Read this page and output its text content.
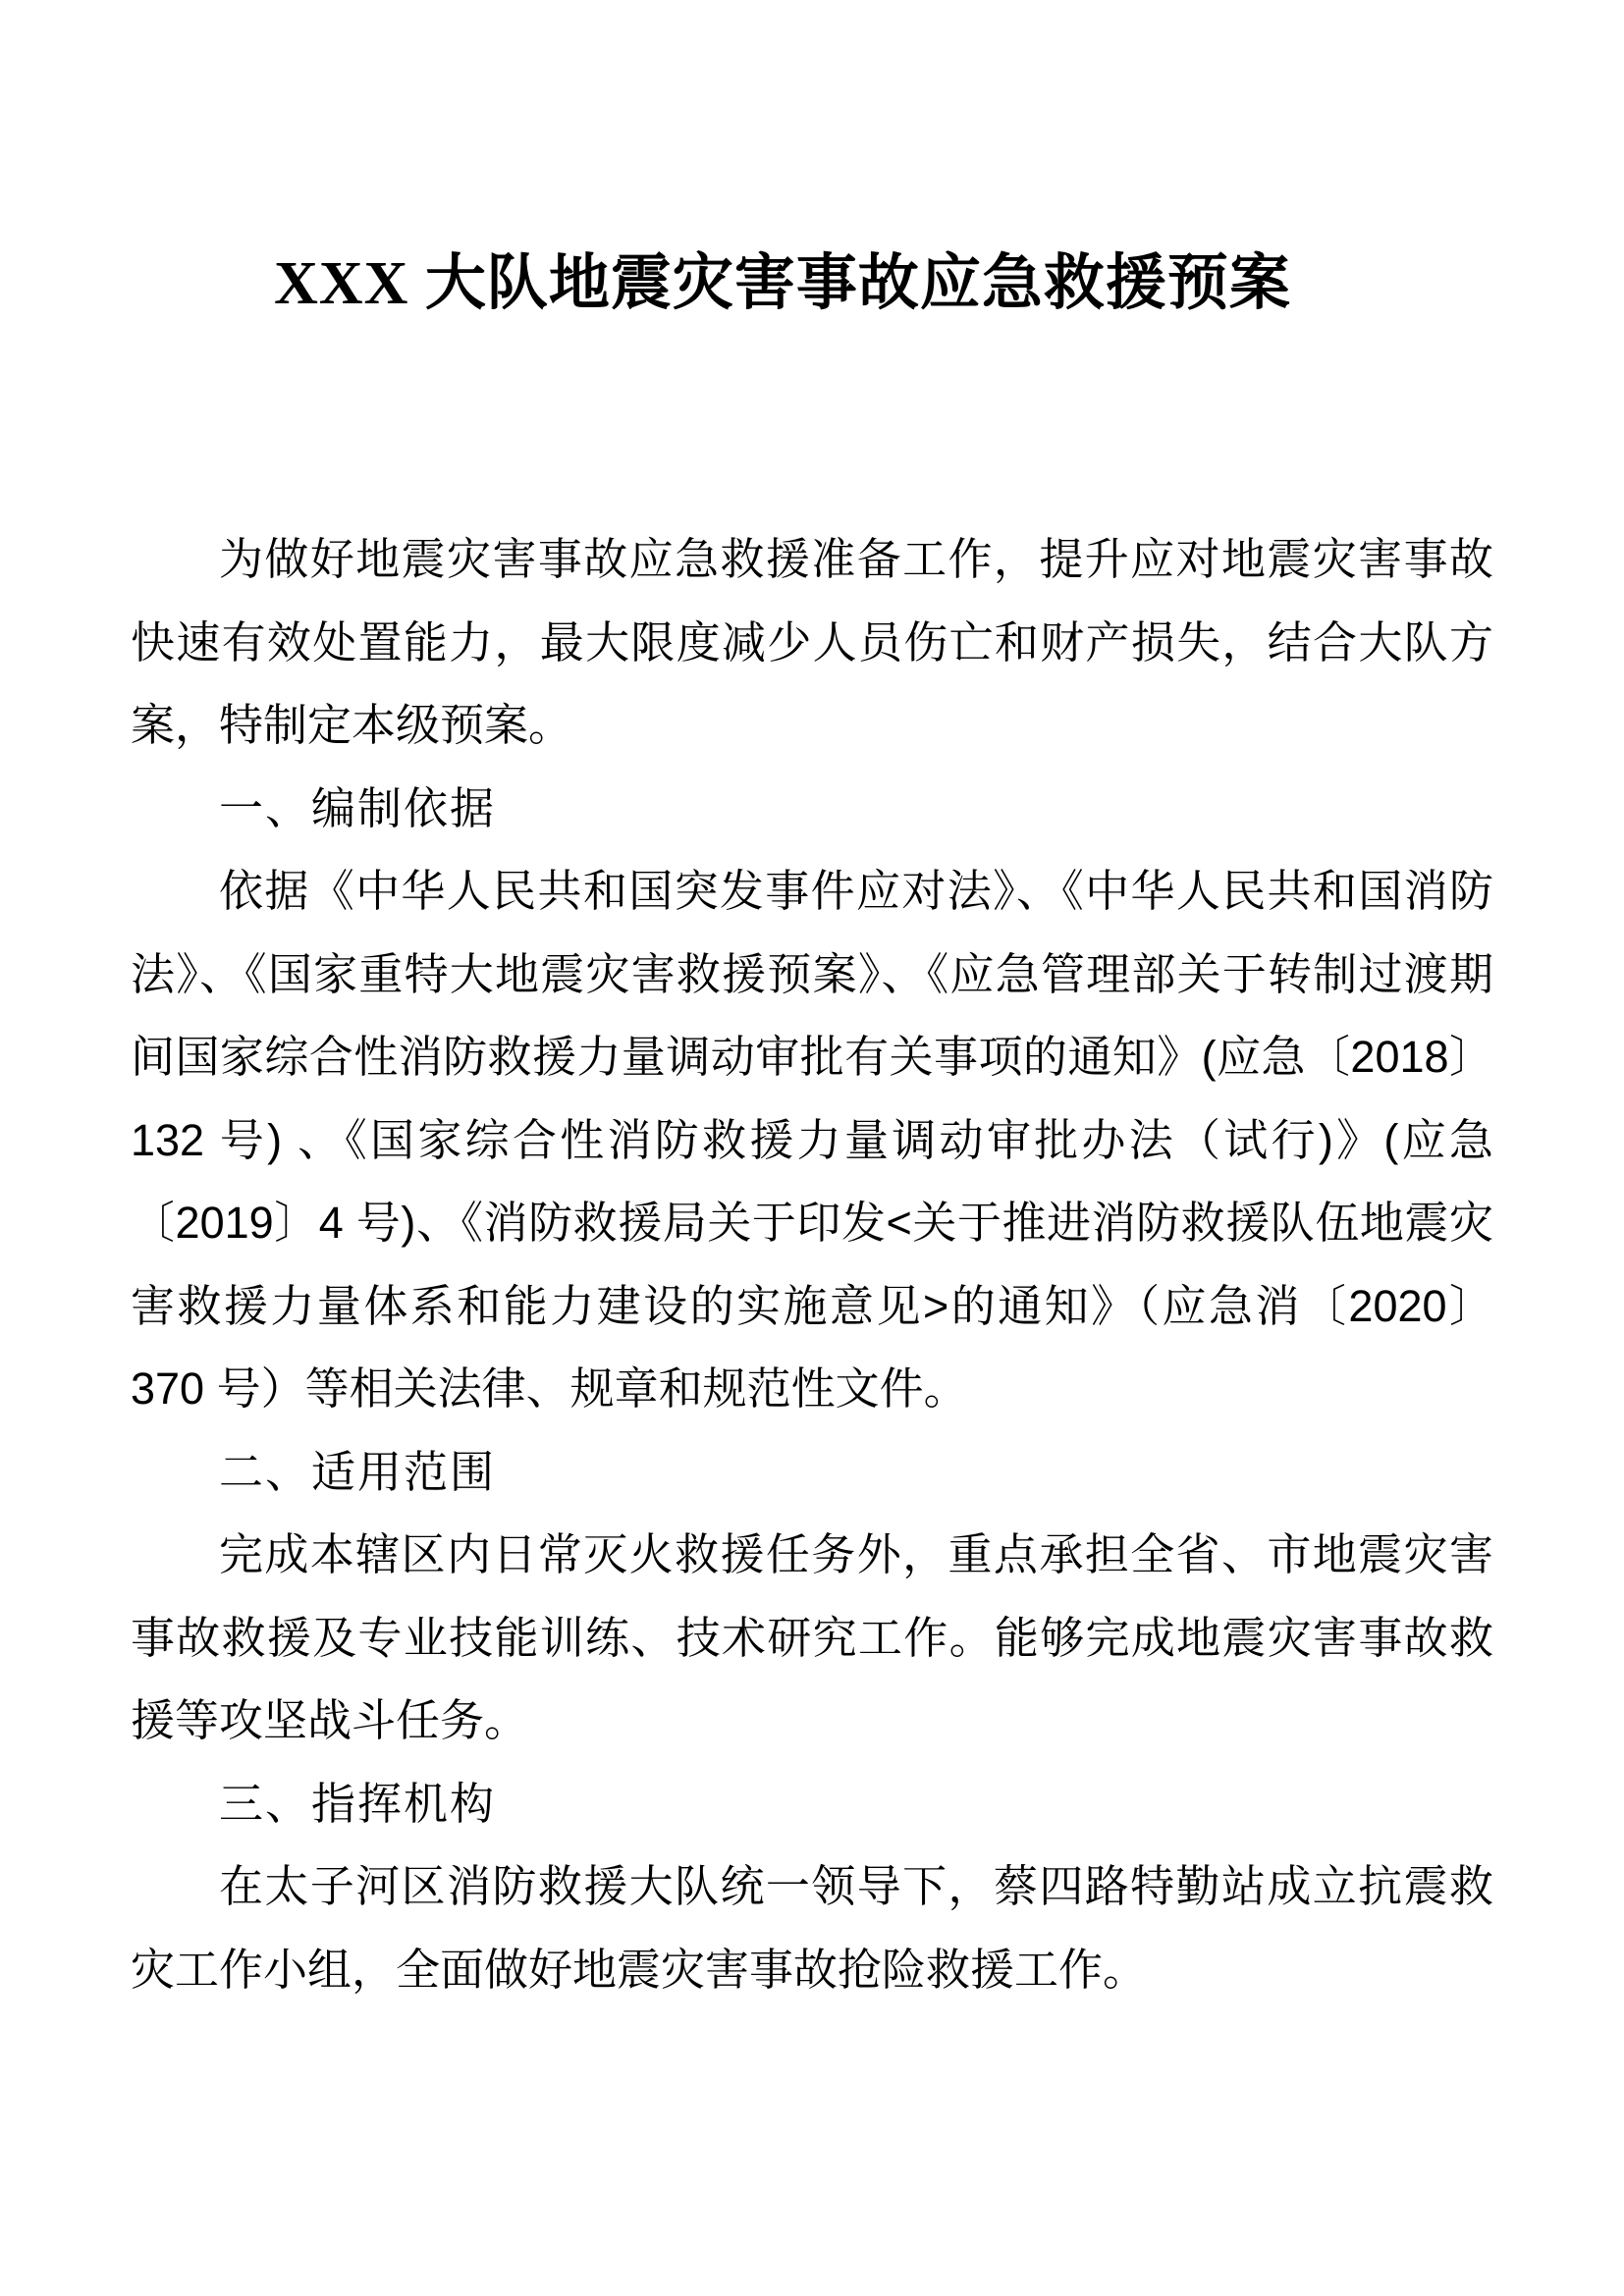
XXX 大队地震灾害事故应急救援预案

为做好地震灾害事故应急救援准备工作，提升应对地震灾害事故快速有效处置能力，最大限度减少人员伤亡和财产损失，结合大队方案，特制定本级预案。

一、编制依据

依据《中华人民共和国突发事件应对法》、《中华人民共和国消防法》、《国家重特大地震灾害救援预案》、《应急管理部关于转制过渡期间国家综合性消防救援力量调动审批有关事项的通知》(应急〔2018〕132 号) 、《国家综合性消防救援力量调动审批办法（试行)》(应急〔2019〕4 号)、《消防救援局关于印发<关于推进消防救援队伍地震灾害救援力量体系和能力建设的实施意见>的通知》（应急消〔2020〕370 号）等相关法律、规章和规范性文件。

二、适用范围

完成本辖区内日常灭火救援任务外，重点承担全省、市地震灾害事故救援及专业技能训练、技术研究工作。能够完成地震灾害事故救援等攻坚战斗任务。

三、指挥机构

在太子河区消防救援大队统一领导下，蔡四路特勤站成立抗震救灾工作小组，全面做好地震灾害事故抢险救援工作。
